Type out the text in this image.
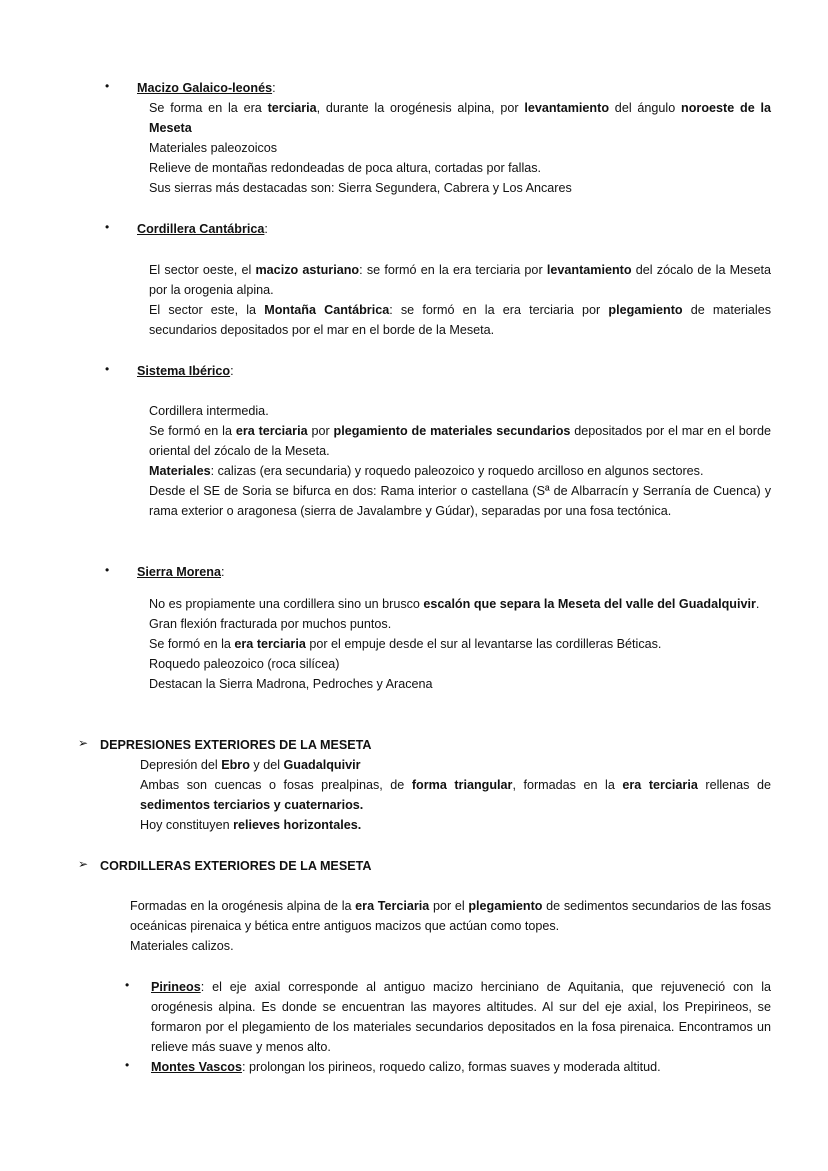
• Macizo Galaico-leonés:
Se forma en la era terciaria, durante la orogénesis alpina, por levantamiento del ángulo noroeste de la Meseta
Materiales paleozoicos
Relieve de montañas redondeadas de poca altura, cortadas por fallas.
Sus sierras más destacadas son: Sierra Segundera, Cabrera y Los Ancares
• Cordillera Cantábrica:
El sector oeste, el macizo asturiano: se formó en la era terciaria por levantamiento del zócalo de la Meseta por la orogenia alpina.
El sector este, la Montaña Cantábrica: se formó en la era terciaria por plegamiento de materiales secundarios depositados por el mar en el borde de la Meseta.
• Sistema Ibérico:
Cordillera intermedia.
Se formó en la era terciaria por plegamiento de materiales secundarios depositados por el mar en el borde oriental del zócalo de la Meseta.
Materiales: calizas (era secundaria) y roquedo paleozoico y roquedo arcilloso en algunos sectores.
Desde el SE de Soria se bifurca en dos: Rama interior o castellana (Sª de Albarracín y Serranía de Cuenca) y rama exterior o aragonesa (sierra de Javalambre y Gúdar), separadas por una fosa tectónica.
• Sierra Morena:
No es propiamente una cordillera sino un brusco escalón que separa la Meseta del valle del Guadalquivir.
Gran flexión fracturada por muchos puntos.
Se formó en la era terciaria por el empuje desde el sur al levantarse las cordilleras Béticas.
Roquedo paleozoico (roca silícea)
Destacan la Sierra Madrona, Pedroches y Aracena
➢ DEPRESIONES EXTERIORES DE LA MESETA
Depresión del Ebro y del Guadalquivir
Ambas son cuencas o fosas prealpinas, de forma triangular, formadas en la era terciaria rellenas de sedimentos terciarios y cuaternarios.
Hoy constituyen relieves horizontales.
➢ CORDILLERAS EXTERIORES DE LA MESETA
Formadas en la orogénesis alpina de la era Terciaria por el plegamiento de sedimentos secundarios de las fosas oceánicas pirenaica y bética entre antiguos macizos que actúan como topes.
Materiales calizos.
• Pirineos: el eje axial corresponde al antiguo macizo herciniano de Aquitania, que rejuveneció con la orogénesis alpina. Es donde se encuentran las mayores altitudes. Al sur del eje axial, los Prepirineos, se formaron por el plegamiento de los materiales secundarios depositados en la fosa pirenaica. Encontramos un relieve más suave y menos alto.
• Montes Vascos: prolongan los pirineos, roquedo calizo, formas suaves y moderada altitud.
